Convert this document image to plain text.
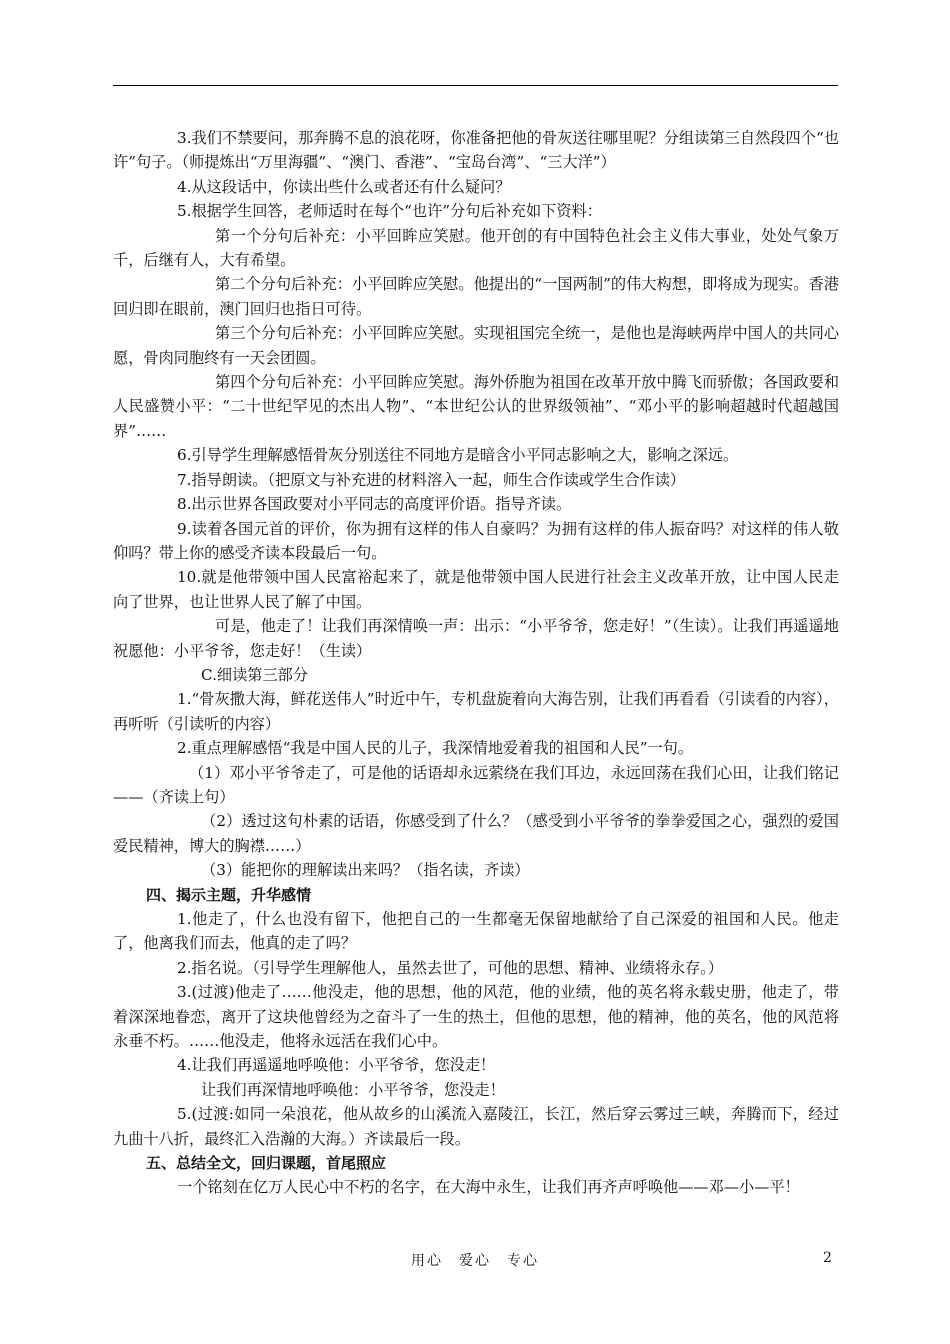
3.我们不禁要问，那奔腾不息的浪花呀，你准备把他的骨灰送往哪里呢？分组读第三自然段四个“也许”句子。（师提炼出“万里海疆”、“澳门、香港”、“宝岛台湾”、“三大洋”）

4.从这段话中，你读出些什么或者还有什么疑问？

5.根据学生回答，老师适时在每个“也许”分句后补充如下资料：

第一个分句后补充：小平回眸应笑慰。他开创的有中国特色社会主义伟大事业，处处气象万千，后继有人，大有希望。

第二个分句后补充：小平回眸应笑慰。他提出的“一国两制”的伟大构想，即将成为现实。香港回归即在眼前，澳门回归也指日可待。

第三个分句后补充：小平回眸应笑慰。实现祖国完全统一，是他也是海峡两岸中国人的共同心愿，骨肉同胞终有一天会团圆。

第四个分句后补充：小平回眸应笑慰。海外侨胞为祖国在改革开放中腾飞而骄傲；各国政要和人民盛赞小平：“二十世纪罕见的杰出人物”、“本世纪公认的世界级领袖”、“邓小平的影响超越时代超越国界”……

6.引导学生理解感悟骨灰分别送往不同地方是暗含小平同志影响之大，影响之深远。

7.指导朗读。（把原文与补充进的材料溶入一起，师生合作读或学生合作读）

8.出示世界各国政要对小平同志的高度评价语。指导齐读。

9.读着各国元首的评价，你为拥有这样的伟人自豪吗？为拥有这样的伟人振奋吗？对这样的伟人敬仰吗？带上你的感受齐读本段最后一句。

10.就是他带领中国人民富裕起来了，就是他带领中国人民进行社会主义改革开放，让中国人民走向了世界，也让世界人民了解了中国。

可是，他走了！让我们再深情唤一声：出示：“小平爷爷，您走好！”（生读）。让我们再遥遥地祝愿他：小平爷爷，您走好！（生读）

C.细读第三部分

1.“骨灰撒大海，鲜花送伟人”时近中午，专机盘旋着向大海告别，让我们再看看（引读看的内容），再听听（引读听的内容）

2.重点理解感悟“我是中国人民的儿子，我深情地爱着我的祖国和人民”一句。

（1）邓小平爷爷走了，可是他的话语却永远萦绕在我们耳边，永远回荡在我们心田，让我们铭记——（齐读上句）

（2）透过这句朴素的话语，你感受到了什么？（感受到小平爷爷的拳拳爱国之心，强烈的爱国爱民精神，博大的胸襟……）

（3）能把你的理解读出来吗？（指名读，齐读）

四、揭示主题，升华感情

1.他走了，什么也没有留下，他把自己的一生都毫无保留地献给了自己深爱的祖国和人民。他走了，他离我们而去，他真的走了吗？

2.指名说。（引导学生理解他人，虽然去世了，可他的思想、精神、业绩将永存。）

3.(过渡)他走了……他没走，他的思想，他的风范，他的业绩，他的英名将永载史册，他走了，带着深深地眷恋，离开了这块他曾经为之奋斗了一生的热土，但他的思想，他的精神，他的英名，他的风范将永垂不朽。……他没走，他将永远活在我们心中。

4.让我们再遥遥地呼唤他：小平爷爷，您没走！

让我们再深情地呼唤他：小平爷爷，您没走！

5.(过渡:如同一朵浪花，他从故乡的山溪流入嘉陵江，长江，然后穿云雾过三峡，奔腾而下，经过九曲十八折，最终汇入浩瀚的大海。）齐读最后一段。

五、总结全文，回归课题，首尾照应

一个铭刻在亿万人民心中不朽的名字，在大海中永生，让我们再齐声呼唤他——邓—小—平！

用心　爱心　专心	2
